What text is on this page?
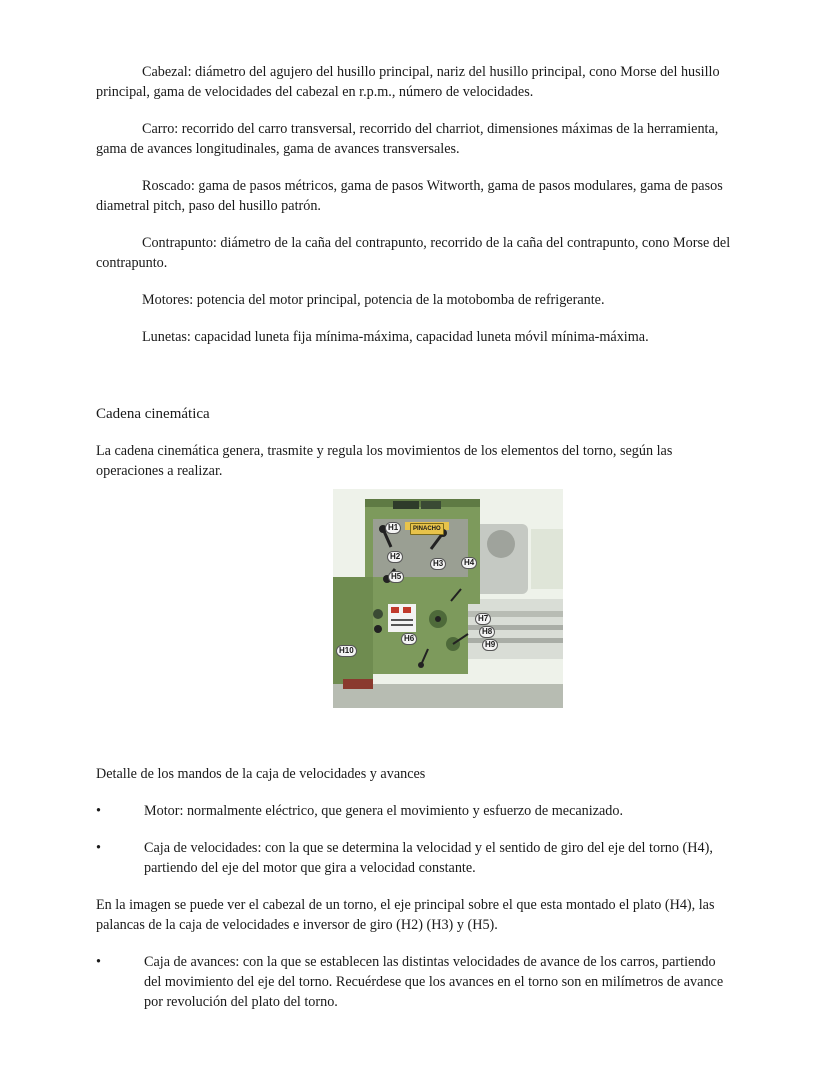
Cabezal: diámetro del agujero del husillo principal, nariz del husillo principal, cono Morse del husillo principal, gama de velocidades del cabezal en r.p.m., número de velocidades.

Carro: recorrido del carro transversal, recorrido del charriot, dimensiones máximas de la herramienta, gama de avances longitudinales, gama de avances transversales.

Roscado: gama de pasos métricos, gama de pasos Witworth, gama de pasos modulares, gama de pasos diametral pitch, paso del husillo patrón.

Contrapunto: diámetro de la caña del contrapunto, recorrido de la caña del contrapunto, cono Morse del contrapunto.

Motores: potencia del motor principal, potencia de la motobomba de refrigerante.

Lunetas: capacidad luneta fija mínima-máxima, capacidad luneta móvil mínima-máxima.

Cadena cinemática

La cadena cinemática genera, trasmite y regula los movimientos de los elementos del torno, según las operaciones a realizar.

H1	PINACHO
H2
H3	H4
H5
H6
H7
H8
H9
H10

Detalle de los mandos de la caja de velocidades y avances

•	Motor: normalmente eléctrico, que genera el movimiento y esfuerzo de mecanizado.
•	Caja de velocidades: con la que se determina la velocidad y el sentido de giro del eje del torno (H4), partiendo del eje del motor que gira a velocidad constante.

En la imagen se puede ver el cabezal de un torno, el eje principal sobre el que esta montado el plato (H4), las palancas de la caja de velocidades e inversor de giro (H2) (H3) y (H5).

•	Caja de avances: con la que se establecen las distintas velocidades de avance de los carros, partiendo del movimiento del eje del torno. Recuérdese que los avances en el torno son en milímetros de avance por revolución del plato del torno.
